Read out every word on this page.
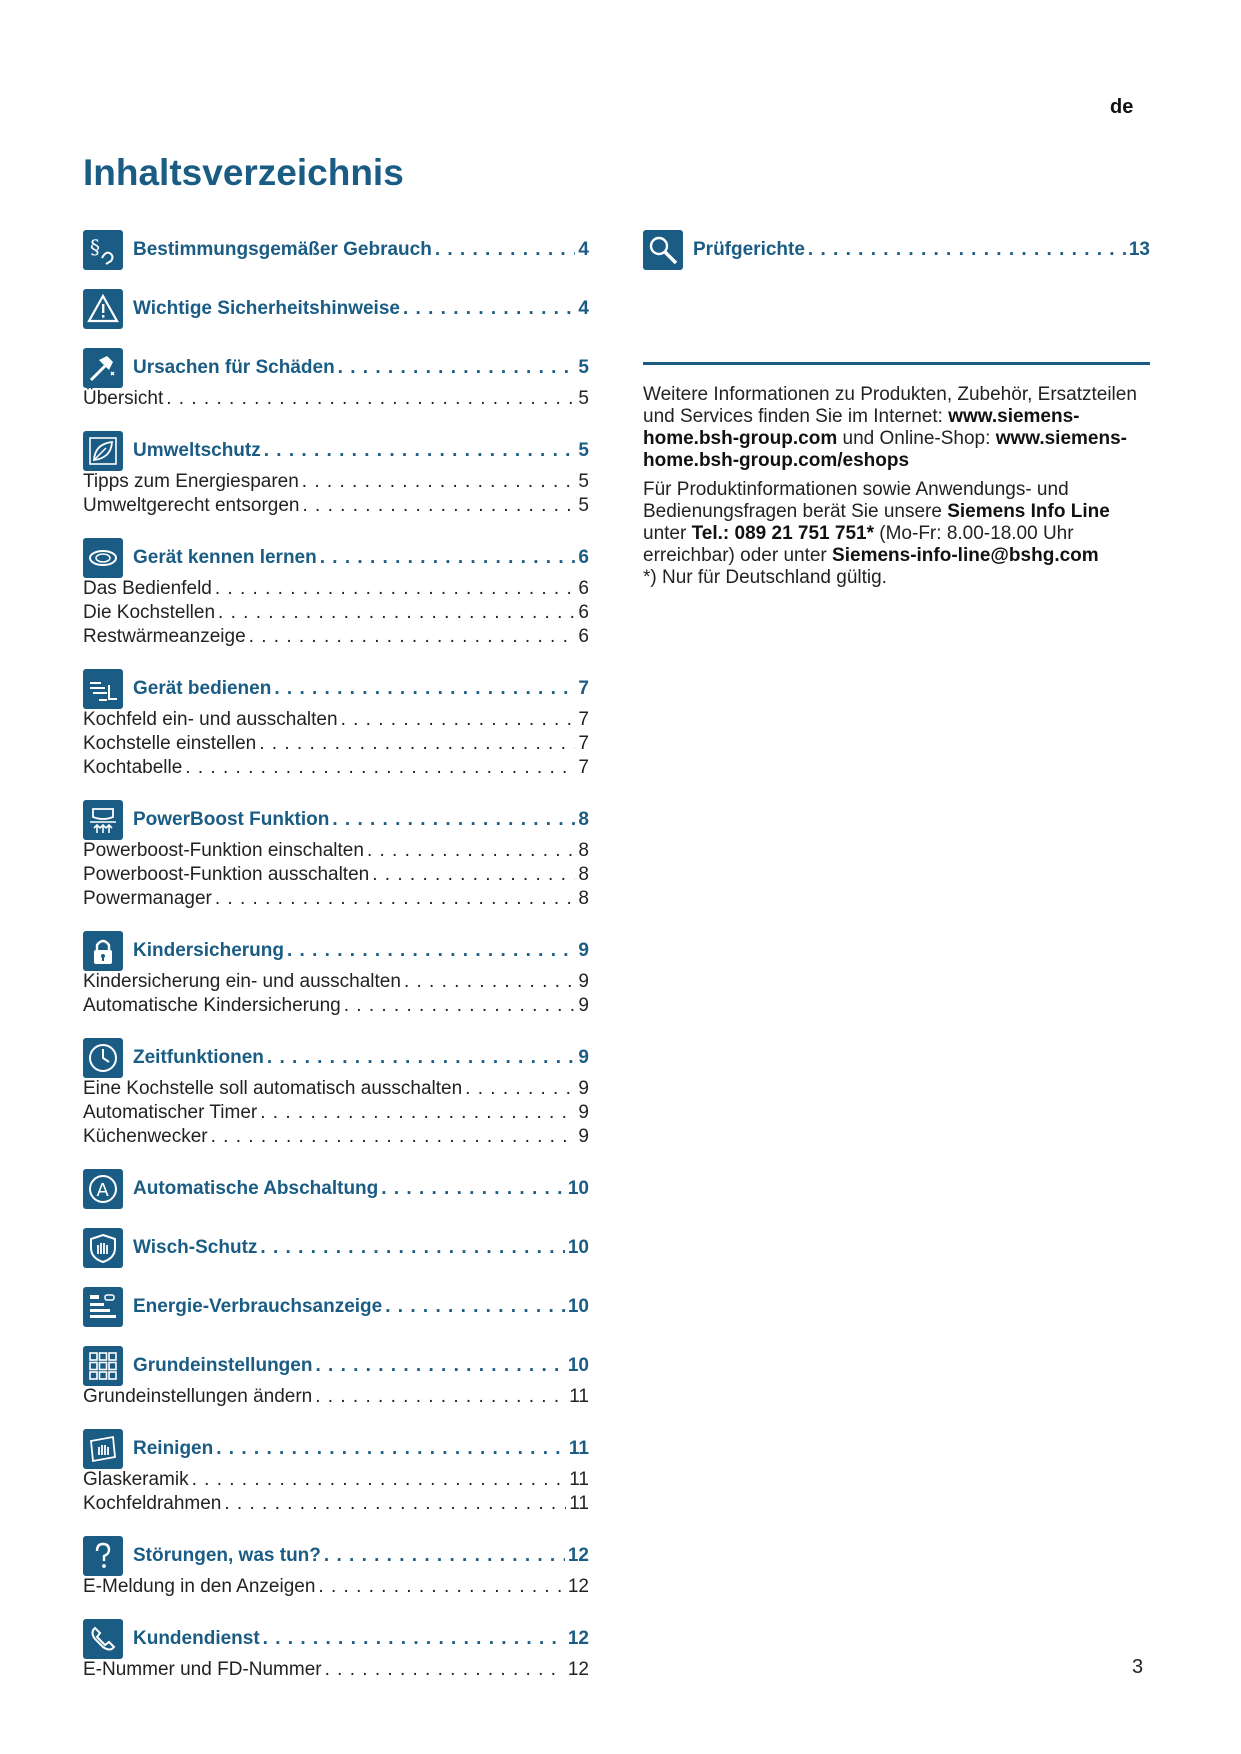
de
Inhaltsverzeichnis
§ Bestimmungsgemäßer Gebrauch . . .	4
Wichtige Sicherheitshinweise . . .	4
Ursachen für Schäden . . .	5
Übersicht . . .	5
Umweltschutz . . .	5
Tipps zum Energiesparen . . .	5
Umweltgerecht entsorgen . . .	5
Gerät kennen lernen . . .	6
Das Bedienfeld . . .	6
Die Kochstellen . . .	6
Restwärmeanzeige . . .	6
Gerät bedienen . . .	7
Kochfeld ein- und ausschalten . . .	7
Kochstelle einstellen . . .	7
Kochtabelle . . .	7
PowerBoost Funktion . . .	8
Powerboost-Funktion einschalten . . .	8
Powerboost-Funktion ausschalten . . .	8
Powermanager . . .	8
Kindersicherung . . .	9
Kindersicherung ein- und ausschalten . . .	9
Automatische Kindersicherung . . .	9
Zeitfunktionen . . .	9
Eine Kochstelle soll automatisch ausschalten . . .	9
Automatischer Timer . . .	9
Küchenwecker . . .	9
A Automatische Abschaltung . . .	10
Wisch-Schutz . . .	10
Energie-Verbrauchsanzeige . . .	10
Grundeinstellungen . . .	10
Grundeinstellungen ändern . . .	11
Reinigen . . .	11
Glaskeramik . . .	11
Kochfeldrahmen . . .	11
Störungen, was tun? . . .	12
E-Meldung in den Anzeigen . . .	12
Kundendienst . . .	12
E-Nummer und FD-Nummer . . .	12
Prüfgerichte . . .	13

Weitere Informationen zu Produkten, Zubehör, Ersatzteilen und Services finden Sie im Internet: www.siemens-home.bsh-group.com und Online-Shop: www.siemens-home.bsh-group.com/eshops

Für Produktinformationen sowie Anwendungs- und Bedienungsfragen berät Sie unsere Siemens Info Line unter Tel.: 089 21 751 751* (Mo-Fr: 8.00-18.00 Uhr erreichbar) oder unter Siemens-info-line@bshg.com
*) Nur für Deutschland gültig.

3
